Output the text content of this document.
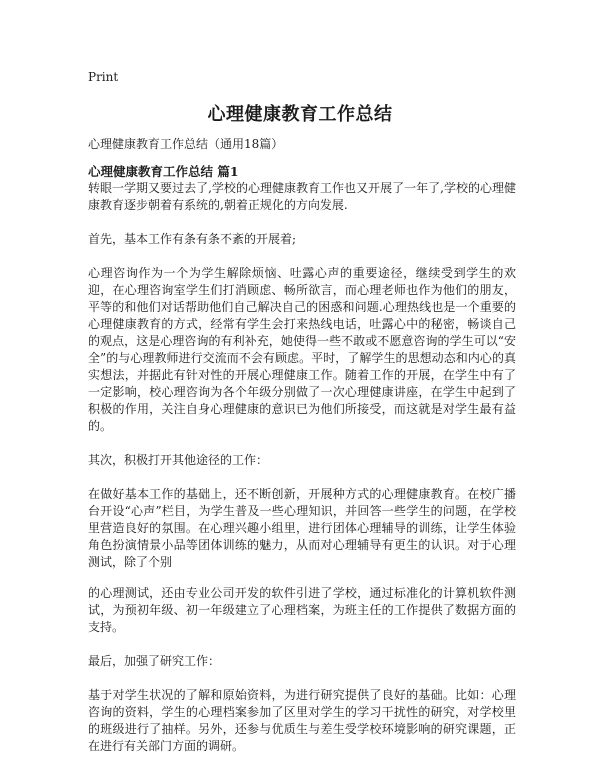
Print
心理健康教育工作总结
心理健康教育工作总结（通用18篇）
心理健康教育工作总结 篇1

转眼一学期又要过去了,学校的心理健康教育工作也又开展了一年了,学校的心理健康教育逐步朝着有系统的,朝着正规化的方向发展.

首先，基本工作有条有条不紊的开展着;

心理咨询作为一个为学生解除烦恼、吐露心声的重要途径，继续受到学生的欢迎，在心理咨询室学生们打消顾虑、畅所欲言，而心理老师也作为他们的朋友，平等的和他们对话帮助他们自己解决自己的困惑和问题.心理热线也是一个重要的心理健康教育的方式，经常有学生会打来热线电话，吐露心中的秘密，畅谈自己的观点，这是心理咨询的有利补充，她使得一些不敢或不愿意咨询的学生可以“安全”的与心理教师进行交流而不会有顾虑。平时，了解学生的思想动态和内心的真实想法，并据此有针对性的开展心理健康工作。随着工作的开展，在学生中有了一定影响，校心理咨询为各个年级分别做了一次心理健康讲座，在学生中起到了积极的作用，关注自身心理健康的意识已为他们所接受，而这就是对学生最有益的。

其次，积极打开其他途径的工作：

在做好基本工作的基础上，还不断创新，开展种方式的心理健康教育。在校广播台开设“心声”栏目，为学生普及一些心理知识，并回答一些学生的问题，在学校里营造良好的氛围。在心理兴趣小组里，进行团体心理辅导的训练，让学生体验角色扮演情景小品等团体训练的魅力，从而对心理辅导有更生的认识。对于心理测试，除了个别

的心理测试，还由专业公司开发的软件引进了学校，通过标准化的计算机软件测试，为预初年级、初一年级建立了心理档案，为班主任的工作提供了数据方面的支持。

最后，加强了研究工作：

基于对学生状况的了解和原始资料，为进行研究提供了良好的基础。比如：心理咨询的资料，学生的心理档案参加了区里对学生的学习干扰性的研究，对学校里的班级进行了抽样。另外，还参与优质生与差生受学校环境影响的研究课题，正在进行有关部门方面的调研。
